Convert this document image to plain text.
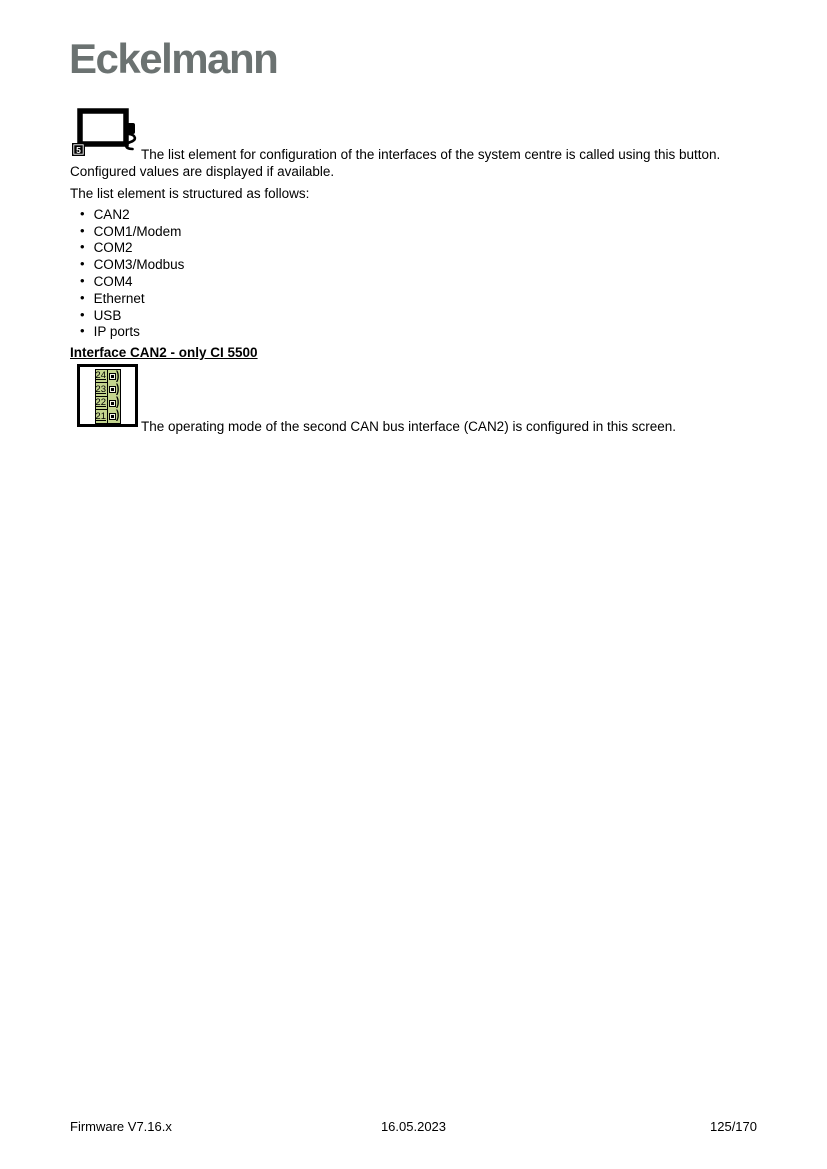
Eckelmann
5	The list element for configuration of the interfaces of the system centre is called using this button.
Configured values are displayed if available.
The list element is structured as follows:
• CAN2
• COM1/Modem
• COM2
• COM3/Modbus
• COM4
• Ethernet
• USB
• IP ports
Interface CAN2 - only CI 5500
24 )
23 )
22 )
21 )
The operating mode of the second CAN bus interface (CAN2) is configured in this screen.
Firmware V7.16.x	16.05.2023	125/170
